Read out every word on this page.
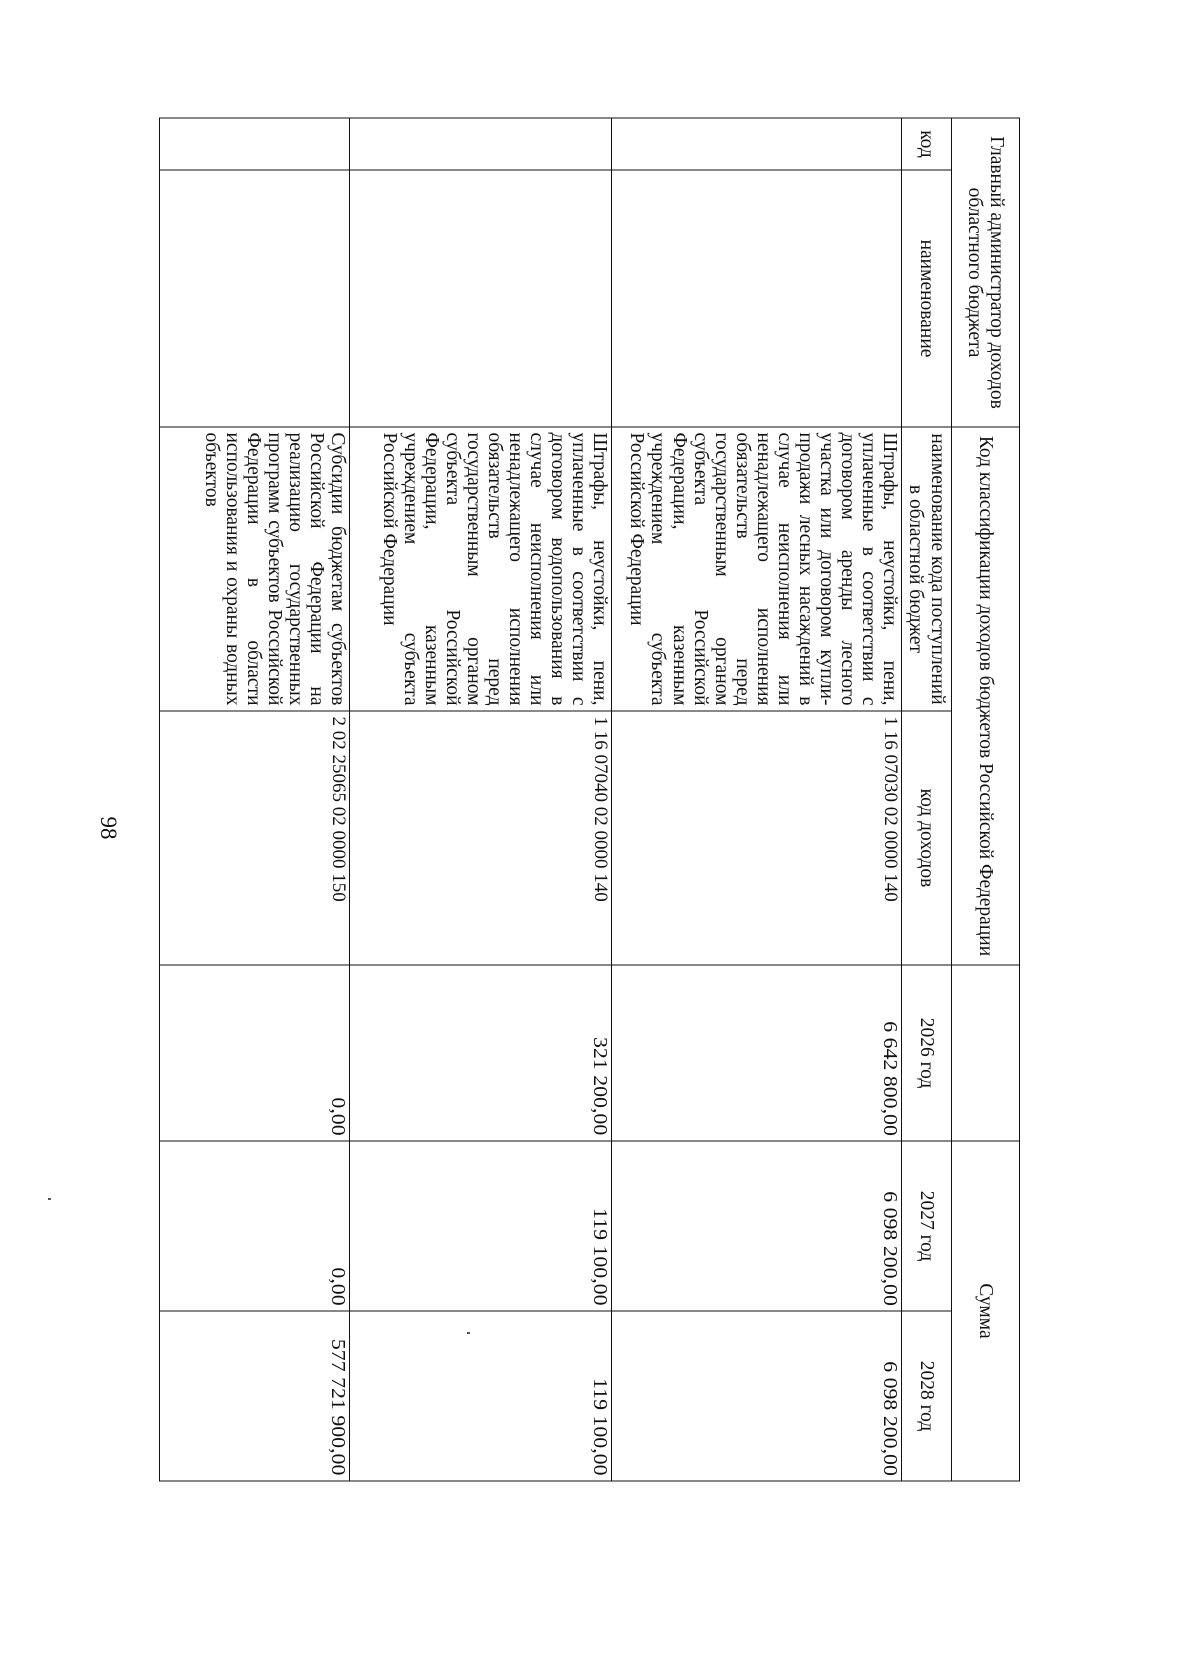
98
Главный администратор доходов областного бюджета		Код классификации доходов бюджетов Российской Федерации			Сумма	

код	наименование	наименование кода поступлений в областной бюджет	код доходов	2026 год	2027 год	2028 год
		Штрафы, неустойки, пени, уплаченные в соответствии с договором аренды лесного участка или договором купли-продажи лесных насаждений в случае неисполнения или ненадлежащего исполнения обязательств перед государственным органом субъекта Российской Федерации, казенным учреждением субъекта Российской Федерации	1 16 07030 02 0000 140	6 642 800,00	6 098 200,00	6 098 200,00
		Штрафы, неустойки, пени, уплаченные в соответствии с договором водопользования в случае неисполнения или ненадлежащего исполнения обязательств перед государственным органом субъекта Российской Федерации, казенным учреждением субъекта Российской Федерации	1 16 07040 02 0000 140	321 200,00	119 100,00	119 100,00
		Субсидии бюджетам субъектов Российской Федерации на реализацию государственных программ субъектов Российской Федерации в области использования и охраны водных объектов	2 02 25065 02 0000 150	0,00	0,00	577 721 900,00
